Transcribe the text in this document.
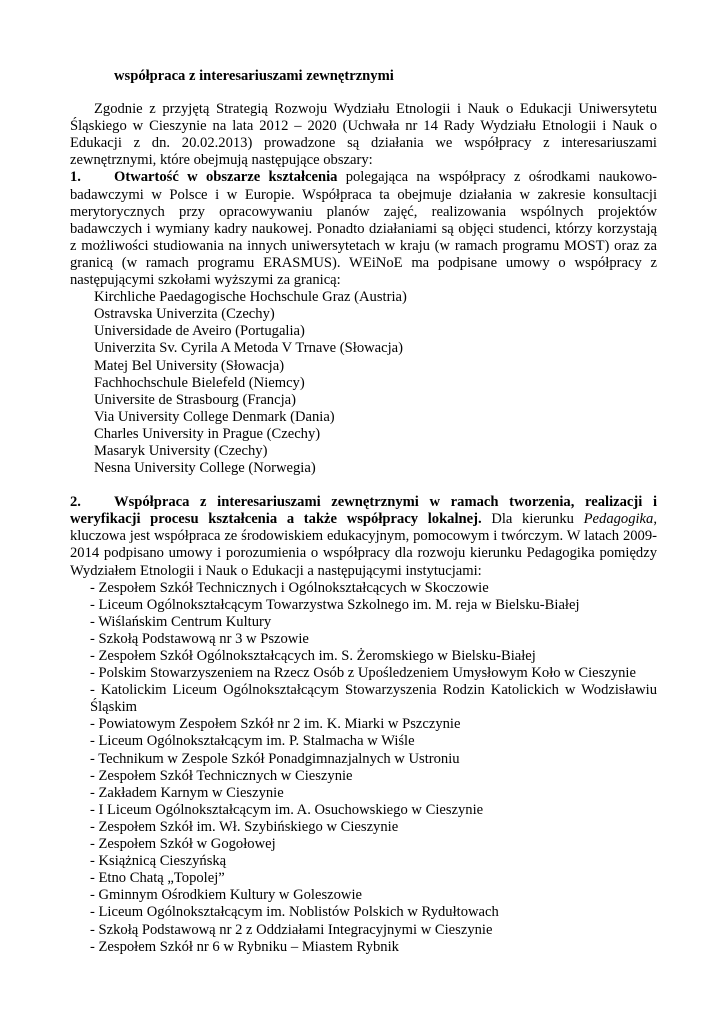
współpraca z interesariuszami zewnętrznymi

Zgodnie z przyjętą Strategią Rozwoju Wydziału Etnologii i Nauk o Edukacji Uniwersytetu Śląskiego w Cieszynie na lata 2012 – 2020 (Uchwała nr 14 Rady Wydziału Etnologii i Nauk o Edukacji z dn. 20.02.2013) prowadzone są działania we współpracy z interesariuszami zewnętrznymi, które obejmują następujące obszary:

1. Otwartość w obszarze kształcenia polegająca na współpracy z ośrodkami naukowo-badawczymi w Polsce i w Europie. Współpraca ta obejmuje działania w zakresie konsultacji merytorycznych przy opracowywaniu planów zajęć, realizowania wspólnych projektów badawczych i wymiany kadry naukowej. Ponadto działaniami są objęci studenci, którzy korzystają z możliwości studiowania na innych uniwersytetach w kraju (w ramach programu MOST) oraz za granicą (w ramach programu ERASMUS). WEiNoE ma podpisane umowy o współpracy z następującymi szkołami wyższymi za granicą:

Kirchliche Paedagogische Hochschule Graz (Austria)
Ostravska Univerzita (Czechy)
Universidade de Aveiro (Portugalia)
Univerzita Sv. Cyrila A Metoda V Trnave (Słowacja)
Matej Bel University (Słowacja)
Fachhochschule Bielefeld (Niemcy)
Universite de Strasbourg (Francja)
Via University College Denmark (Dania)
Charles University in Prague (Czechy)
Masaryk University (Czechy)
Nesna University College (Norwegia)

2. Współpraca z interesariuszami zewnętrznymi w ramach tworzenia, realizacji i weryfikacji procesu kształcenia a także współpracy lokalnej. Dla kierunku Pedagogika, kluczowa jest współpraca ze środowiskiem edukacyjnym, pomocowym i twórczym. W latach 2009-2014 podpisano umowy i porozumienia o współpracy dla rozwoju kierunku Pedagogika pomiędzy Wydziałem Etnologii i Nauk o Edukacji a następującymi instytucjami:

- Zespołem Szkół Technicznych i Ogólnokształcących w Skoczowie
- Liceum Ogólnokształcącym Towarzystwa Szkolnego im. M. reja w Bielsku-Białej
- Wiślańskim Centrum Kultury
- Szkołą Podstawową nr 3 w Pszowie
- Zespołem Szkół Ogólnokształcących im. S. Żeromskiego w Bielsku-Białej
- Polskim Stowarzyszeniem na Rzecz Osób z Upośledzeniem Umysłowym Koło w Cieszynie
- Katolickim Liceum Ogólnokształcącym Stowarzyszenia Rodzin Katolickich w Wodzisławiu Śląskim
- Powiatowym Zespołem Szkół nr 2 im. K. Miarki w Pszczynie
- Liceum Ogólnokształcącym im. P. Stalmacha w Wiśle
- Technikum w Zespole Szkół Ponadgimnazjalnych w Ustroniu
- Zespołem Szkół Technicznych w Cieszynie
- Zakładem Karnym w Cieszynie
- I Liceum Ogólnokształcącym im. A. Osuchowskiego w Cieszynie
- Zespołem Szkół im. Wł. Szybińskiego w Cieszynie
- Zespołem Szkół w Gogołowej
- Książnicą Cieszyńską
- Etno Chatą „Topolej”
- Gminnym Ośrodkiem Kultury w Goleszowie
- Liceum Ogólnokształcącym im. Noblistów Polskich w Rydułtowach
- Szkołą Podstawową nr 2 z Oddziałami Integracyjnymi w Cieszynie
- Zespołem Szkół nr 6 w Rybniku – Miastem Rybnik
